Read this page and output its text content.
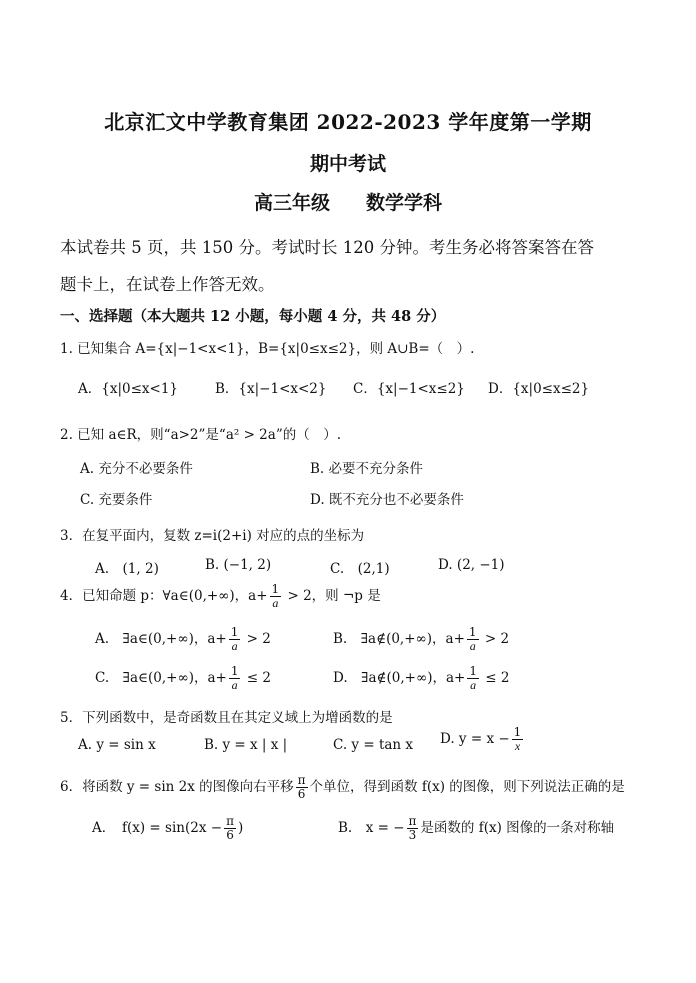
北京汇文中学教育集团 2022-2023 学年度第一学期
期中考试
高三年级 数学学科
本试卷共 5 页，共 150 分。考试时长 120 分钟。考生务必将答案答在答
题卡上，在试卷上作答无效。
一、选择题（本大题共 12 小题，每小题 4 分，共 48 分）
1. 已知集合 A={x|−1<x<1}，B={x|0≤x≤2}，则 A∪B=（　）.
A．{x|0≤x<1}	B．{x|−1<x<2} C．{x|−1<x≤2} D．{x|0≤x≤2}
2. 已知 a∈R，则“a>2”是“a² > 2a”的（　）.
A. 充分不必要条件	B. 必要不充分条件
C. 充要条件	D. 既不充分也不必要条件
3．在复平面内，复数 z=i(2+i) 对应的点的坐标为
A.　(1, 2)	B. (−1, 2)	C.　(2,1)	D. (2, −1)
4．已知命题 p：∀a∈(0,+∞)，$a+ \frac{1}{a} > 2$，则 ¬p 是
A.　∃a∈(0,+∞)，$a+ \frac{1}{a} > 2$	B.　∃a∉(0,+∞)，$a+ \frac{1}{a} > 2$
C.　∃a∈(0,+∞)，$a+ \frac{1}{a} \le 2$	D.　∃a∉(0,+∞)，$a+ \frac{1}{a} \le 2$
5．下列函数中，是奇函数且在其定义域上为增函数的是
A. y = sin x	B. y = x | x |	C. y = tan x D. $y = x - \frac{1}{x}$
6．将函数 y = sin 2x 的图像向右平移 $\frac{\pi}{6}$ 个单位，得到函数 f(x) 的图像，则下列说法正确的是
A．　$f(x) = \sin(2x - \frac{\pi}{6}$ )	B.　x = − $\frac{\pi}{3}$ 是函数的 f(x) 图像的一条对称轴
